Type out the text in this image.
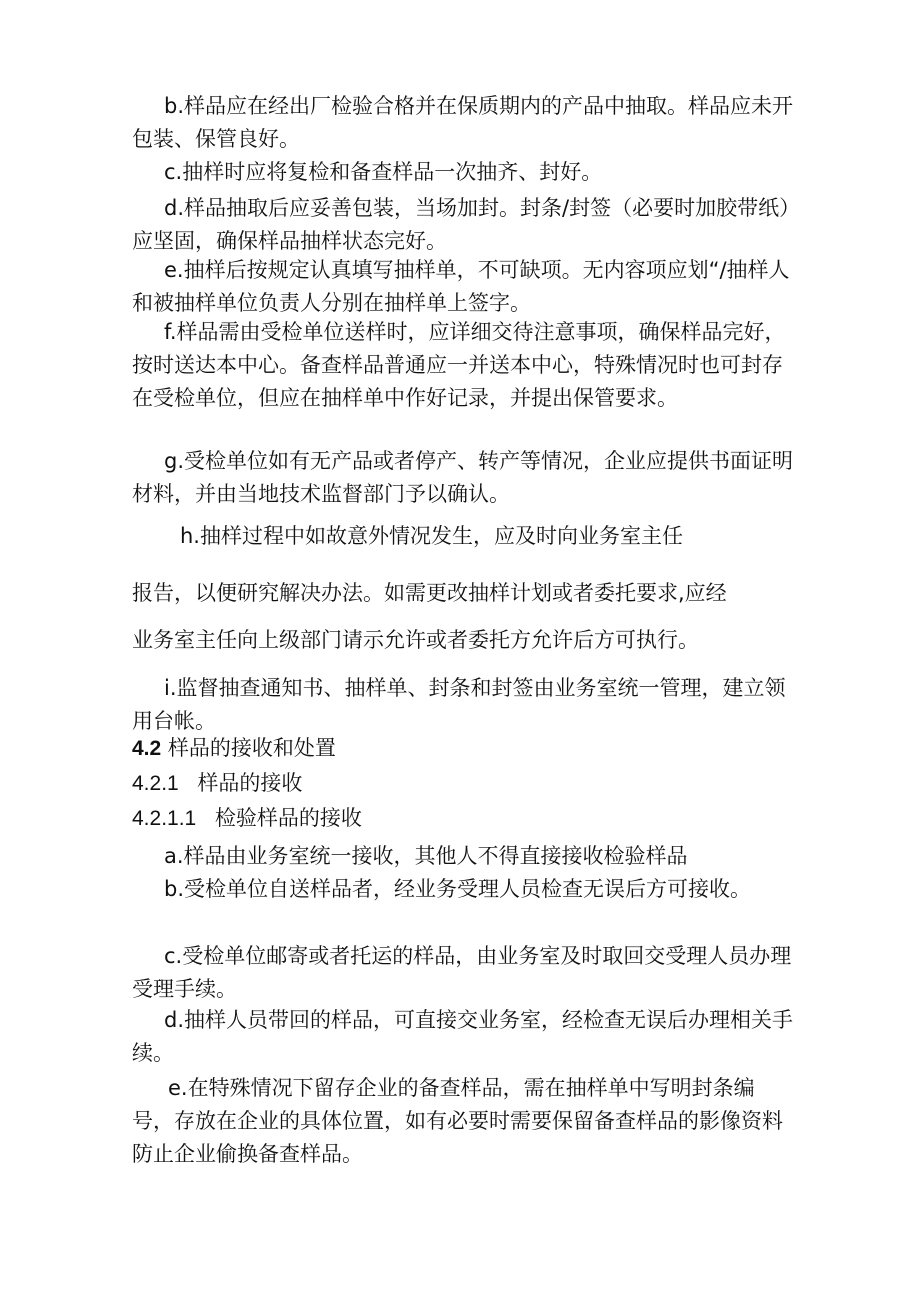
b.样品应在经出厂检验合格并在保质期内的产品中抽取。样品应未开包装、保管良好。

c.抽样时应将复检和备查样品一次抽齐、封好。

d.样品抽取后应妥善包装，当场加封。封条/封签（必要时加胶带纸）应坚固，确保样品抽样状态完好。

e.抽样后按规定认真填写抽样单，不可缺项。无内容项应划“/抽样人和被抽样单位负责人分别在抽样单上签字。

f.样品需由受检单位送样时，应详细交待注意事项，确保样品完好，按时送达本中心。备查样品普通应一并送本中心，特殊情况时也可封存在受检单位，但应在抽样单中作好记录，并提出保管要求。

g.受检单位如有无产品或者停产、转产等情况，企业应提供书面证明材料，并由当地技术监督部门予以确认。

h.抽样过程中如故意外情况发生，应及时向业务室主任

报告，以便研究解决办法。如需更改抽样计划或者委托要求,应经

业务室主任向上级部门请示允许或者委托方允许后方可执行。

i.监督抽查通知书、抽样单、封条和封签由业务室统一管理，建立领用台帐。

4.2 样品的接收和处置
4.2.1 样品的接收
4.2.1.1 检验样品的接收

a.样品由业务室统一接收，其他人不得直接接收检验样品

b.受检单位自送样品者，经业务受理人员检查无误后方可接收。

c.受检单位邮寄或者托运的样品，由业务室及时取回交受理人员办理受理手续。

d.抽样人员带回的样品，可直接交业务室，经检查无误后办理相关手续。

e.在特殊情况下留存企业的备查样品，需在抽样单中写明封条编号，存放在企业的具体位置，如有必要时需要保留备查样品的影像资料防止企业偷换备查样品。
